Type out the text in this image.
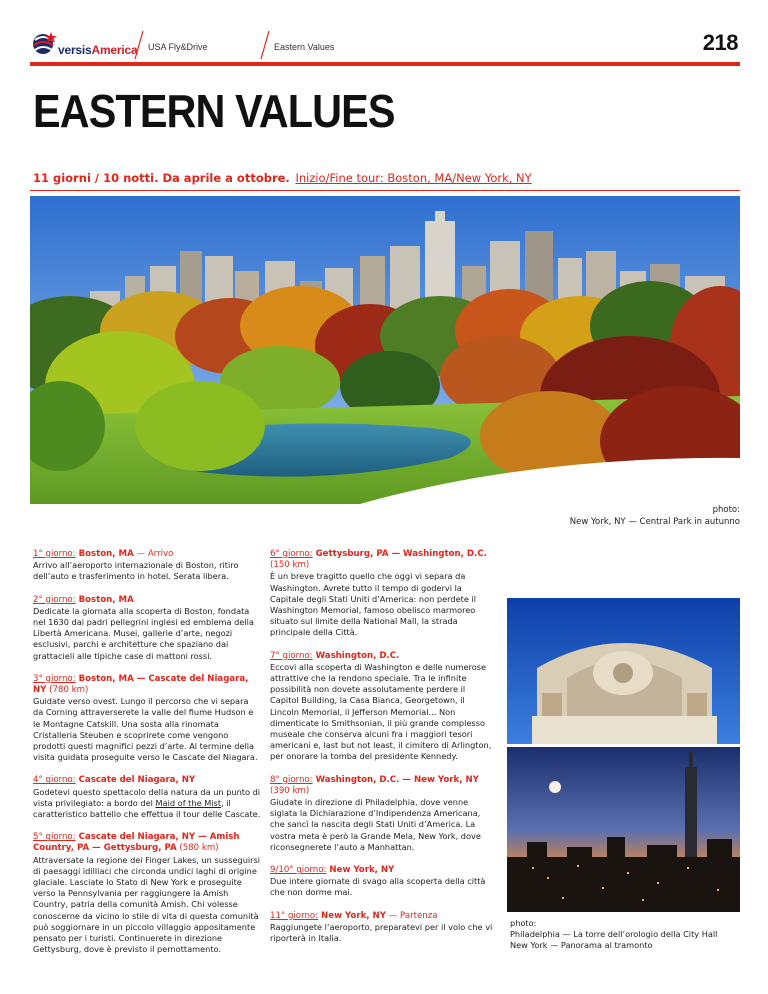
versisAmerica USA Fly&Drive	Eastern Values	218
EASTERN VALUES
11 giorni / 10 notti. Da aprile a ottobre. Inizio/Fine tour: Boston, MA/New York, NY
photo:
New York, NY — Central Park in autunno
1° giorno: Boston, MA — Arrivo

Arrivo all’aeroporto internazionale di Boston, ritiro dell’auto e trasferimento in hotel. Serata libera.

2° giorno: Boston, MA

Dedicate la giornata alla scoperta di Boston, fondata nel 1630 dai padri pellegrini inglesi ed emblema della Libertà Americana. Musei, gallerie d’arte, negozi esclusivi, parchi e architetture che spaziano dai grattacieli alle tipiche case di mattoni rossi.

3° giorno: Boston, MA — Cascate del Niagara, NY (780 km)

Guidate verso ovest. Lungo il percorso che vi separa da Corning attraverserete la valle del fiume Hudson e le Montagne Catskill. Una sosta alla rinomata Cristalleria Steuben e scoprirete come vengono prodotti questi magnifici pezzi d’arte. Al termine della visita guidata proseguite verso le Cascate del Niagara.

4° giorno: Cascate del Niagara, NY

Godetevi questo spettacolo della natura da un punto di vista privilegiato: a bordo del Maid of the Mist, il caratteristico battello che effettua il tour delle Cascate.

5° giorno: Cascate del Niagara, NY — Amish Country, PA — Gettysburg, PA (580 km)

Attraversate la regione dei Finger Lakes, un susseguirsi di paesaggi idilliaci che circonda undici laghi di origine glaciale. Lasciate lo Stato di New York e proseguite verso la Pennsylvania per raggiungere la Amish Country, patria della comunità Amish. Chi volesse conoscerne da vicino lo stile di vita di questa comunità può soggiornare in un piccolo villaggio appositamente pensato per i turisti. Continuerete in direzione Gettysburg, dove è previsto il pernottamento.

6° giorno: Gettysburg, PA — Washington, D.C.
(150 km)

È un breve tragitto quello che oggi vi separa da Washington. Avrete tutto il tempo di godervi la Capitale degli Stati Uniti d’America: non perdete il Washington Memorial, famoso obelisco marmoreo situato sul limite della National Mall, la strada principale della Città.

7° giorno: Washington, D.C.

Eccovi alla scoperta di Washington e delle numerose attrattive che la rendono speciale. Tra le infinite possibilità non dovete assolutamente perdere il Capitol Building, la Casa Bianca, Georgetown, il Lincoln Memorial, il Jefferson Memorial... Non dimenticate lo Smithsonian, il più grande complesso museale che conserva alcuni fra i maggiori tesori americani e, last but not least, il cimitero di Arlington, per onorare la tomba del presidente Kennedy.

8° giorno: Washington, D.C. — New York, NY (390 km)

Giudate in direzione di Philadelphia, dove venne siglata la Dichiarazione d’Indipendenza Americana, che sancì la nascita degli Stati Uniti d’America. La vostra meta è però la Grande Mela, New York, dove riconsegnerete l’auto a Manhattan.

9/10° giorno: New York, NY

Due intere giornate di svago alla scoperta della città che non dorme mai.

11° giorno: New York, NY — Partenza

Raggiungete l’aeroporto, preparatevi per il volo che vi riporterà in Italia.

photo:
Philadelphia — La torre dell’orologio della City Hall
New York — Panorama al tramonto
